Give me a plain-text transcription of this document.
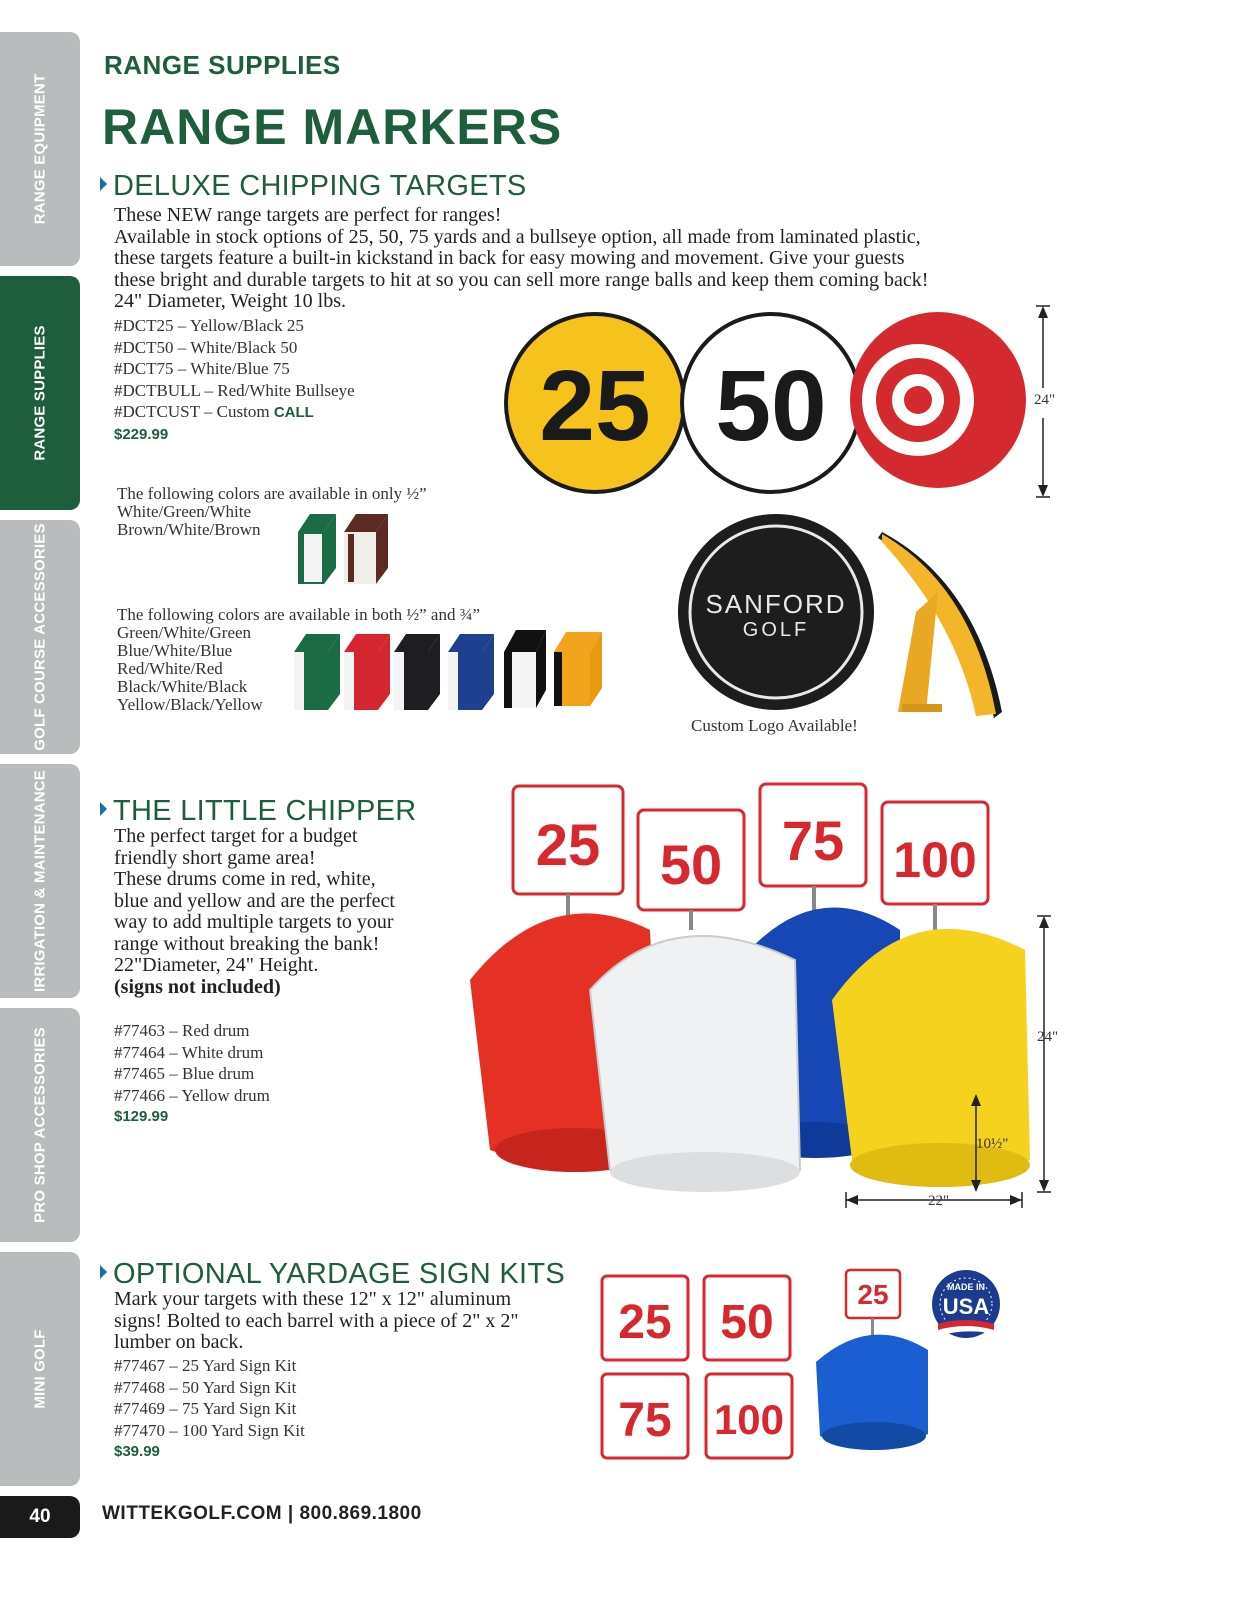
RANGE EQUIPMENT
RANGE SUPPLIES
GOLF COURSE ACCESSORIES
IRRIGATION & MAINTENANCE
PRO SHOP ACCESSORIES
MINI GOLF
RANGE SUPPLIES
RANGE MARKERS
DELUXE CHIPPING TARGETS
These NEW range targets are perfect for ranges!
Available in stock options of 25, 50, 75 yards and a bullseye option, all made from laminated plastic,
these targets feature a built-in kickstand in back for easy mowing and movement. Give your guests
these bright and durable targets to hit at so you can sell more range balls and keep them coming back!
24" Diameter, Weight 10 lbs.
#DCT25 – Yellow/Black 25
#DCT50 – White/Black 50
#DCT75 – White/Blue 75
#DCTBULL – Red/White Bullseye
#DCTCUST – Custom CALL
$229.99	25 50	24"
The following colors are available in only ½”
White/Green/White
Brown/White/Brown
The following colors are available in both ½” and ¾”
Green/White/Green
Blue/White/Blue
Red/White/Red
Black/White/Black
Yellow/Black/Yellow
SANFORD
GOLF
Custom Logo Available!
THE LITTLE CHIPPER
The perfect target for a budget
friendly short game area!
These drums come in red, white,
blue and yellow and are the perfect
way to add multiple targets to your
range without breaking the bank!
22"Diameter, 24" Height.
(signs not included)
#77463 – Red drum
#77464 – White drum
#77465 – Blue drum
#77466 – Yellow drum
$129.99
25 50 75 100
24"
10½"
22"
OPTIONAL YARDAGE SIGN KITS
Mark your targets with these 12" x 12" aluminum
signs! Bolted to each barrel with a piece of 2" x 2"
lumber on back.
#77467 – 25 Yard Sign Kit
#77468 – 50 Yard Sign Kit
#77469 – 75 Yard Sign Kit
#77470 – 100 Yard Sign Kit
$39.99
25 50
75 100
25	MADE IN
USA
40	WITTEKGOLF.COM | 800.869.1800
